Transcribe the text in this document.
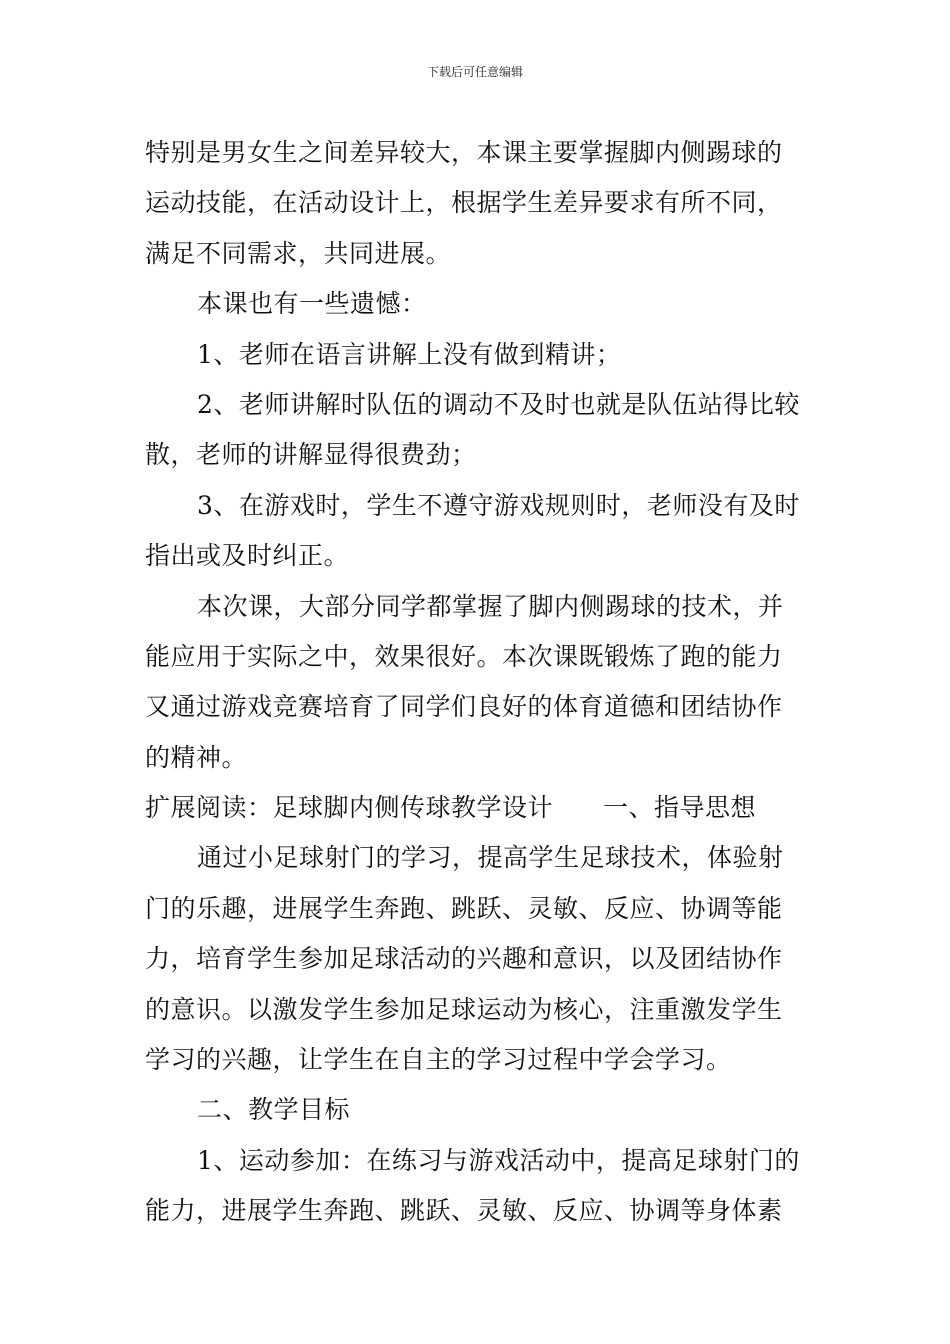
下载后可任意编辑
特别是男女生之间差异较大，本课主要掌握脚内侧踢球的
运动技能，在活动设计上，根据学生差异要求有所不同，
满足不同需求，共同进展。
本课也有一些遗憾：
1、老师在语言讲解上没有做到精讲；
2、老师讲解时队伍的调动不及时也就是队伍站得比较
散，老师的讲解显得很费劲；
3、在游戏时，学生不遵守游戏规则时，老师没有及时
指出或及时纠正。
本次课，大部分同学都掌握了脚内侧踢球的技术，并
能应用于实际之中，效果很好。本次课既锻炼了跑的能力
又通过游戏竞赛培育了同学们良好的体育道德和团结协作
的精神。
扩展阅读：足球脚内侧传球教学设计 一、指导思想
通过小足球射门的学习，提高学生足球技术，体验射
门的乐趣，进展学生奔跑、跳跃、灵敏、反应、协调等能
力，培育学生参加足球活动的兴趣和意识，以及团结协作
的意识。以激发学生参加足球运动为核心，注重激发学生
学习的兴趣，让学生在自主的学习过程中学会学习。
二、教学目标
1、运动参加：在练习与游戏活动中，提高足球射门的
能力，进展学生奔跑、跳跃、灵敏、反应、协调等身体素
